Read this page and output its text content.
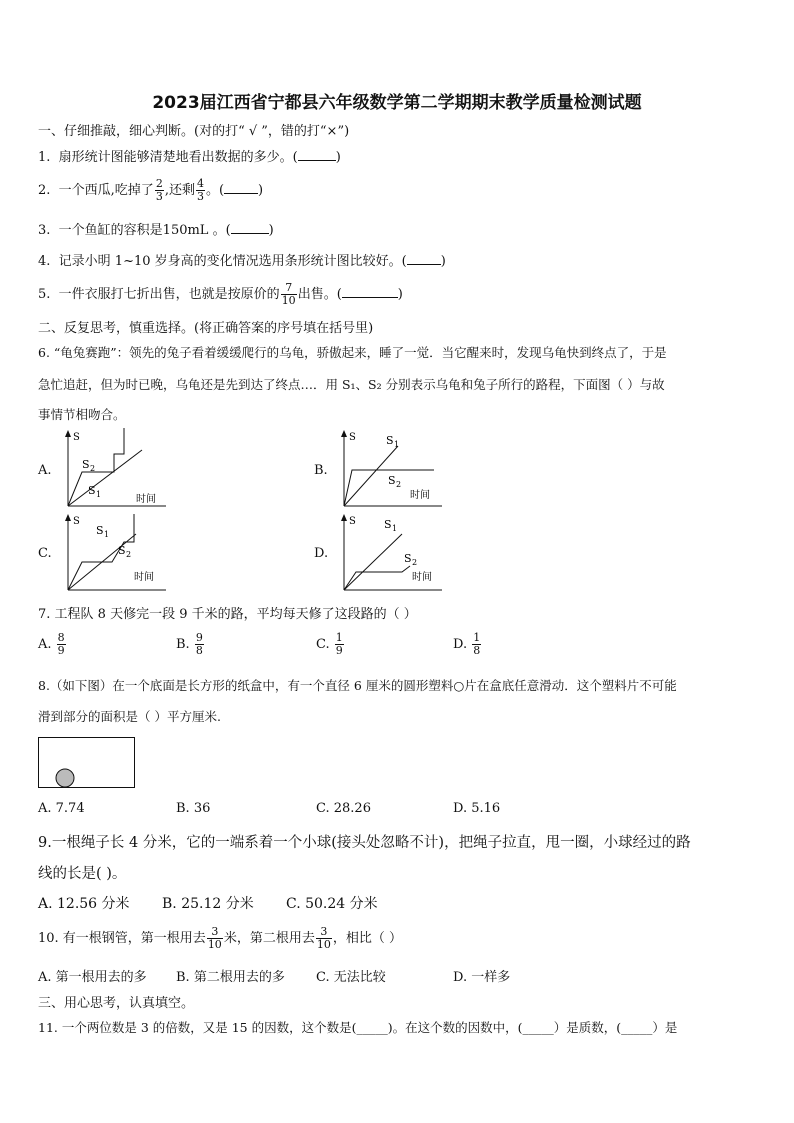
2023届江西省宁都县六年级数学第二学期期末教学质量检测试题
一、仔细推敲，细心判断。(对的打“ √ ”，错的打“×”)
1. 扇形统计图能够清楚地看出数据的多少。(	)
2. 一个西瓜,吃掉了 $\frac{2}{3}$ ,还剩 $\frac{4}{3}$ 。(	)
3. 一个鱼缸的容积是150mL 。(	)
4. 记录小明 1~10 岁身高的变化情况选用条形统计图比较好。(	)
5. 一件衣服打七折出售，也就是按原价的 $\frac{7}{10}$ 出售。(	)
二、反复思考，慎重选择。(将正确答案的序号填在括号里)
6. “龟兔赛跑”：领先的兔子看着缓缓爬行的乌龟，骄傲起来，睡了一觉．当它醒来时，发现乌龟快到终点了，于是
急忙追赶，但为时已晚，乌龟还是先到达了终点…．用 S₁、S₂ 分别表示乌龟和兔子所行的路程，下面图（ ）与故
事情节相吻合。
A.
S
S 2
S 1	时间
B.
S	S 1
S 2
时间
C.
S
S 1
S 2
时间
D.
S	S 1
S 2
时间
7. 工程队 8 天修完一段 9 千米的路，平均每天修了这段路的（ ）
A. $\frac{8}{9}$	B. $\frac{9}{8}$	C. $\frac{1}{9}$	D. $\frac{1}{8}$
8.（如下图）在一个底面是长方形的纸盒中，有一个直径 6 厘米的圆形塑料○片在盒底任意滑动．这个塑料片不可能
滑到部分的面积是（ ）平方厘米.
A. 7.74	B. 36	C. 28.26	D. 5.16
9.一根绳子长 4 分米，它的一端系着一个小球(接头处忽略不计)，把绳子拉直，甩一圈，小球经过的路
线的长是( )。
A. 12.56 分米 B. 25.12 分米 C. 50.24 分米
10. 有一根钢管，第一根用去 $\frac{3}{10}$ 米，第二根用去 $\frac{3}{10}$ ，相比（ ）
A. 第一根用去的多 B. 第二根用去的多 C. 无法比较	D. 一样多
三、用心思考，认真填空。
11. 一个两位数是 3 的倍数，又是 15 的因数，这个数是(_____)。在这个数的因数中，(_____）是质数，(_____）是
